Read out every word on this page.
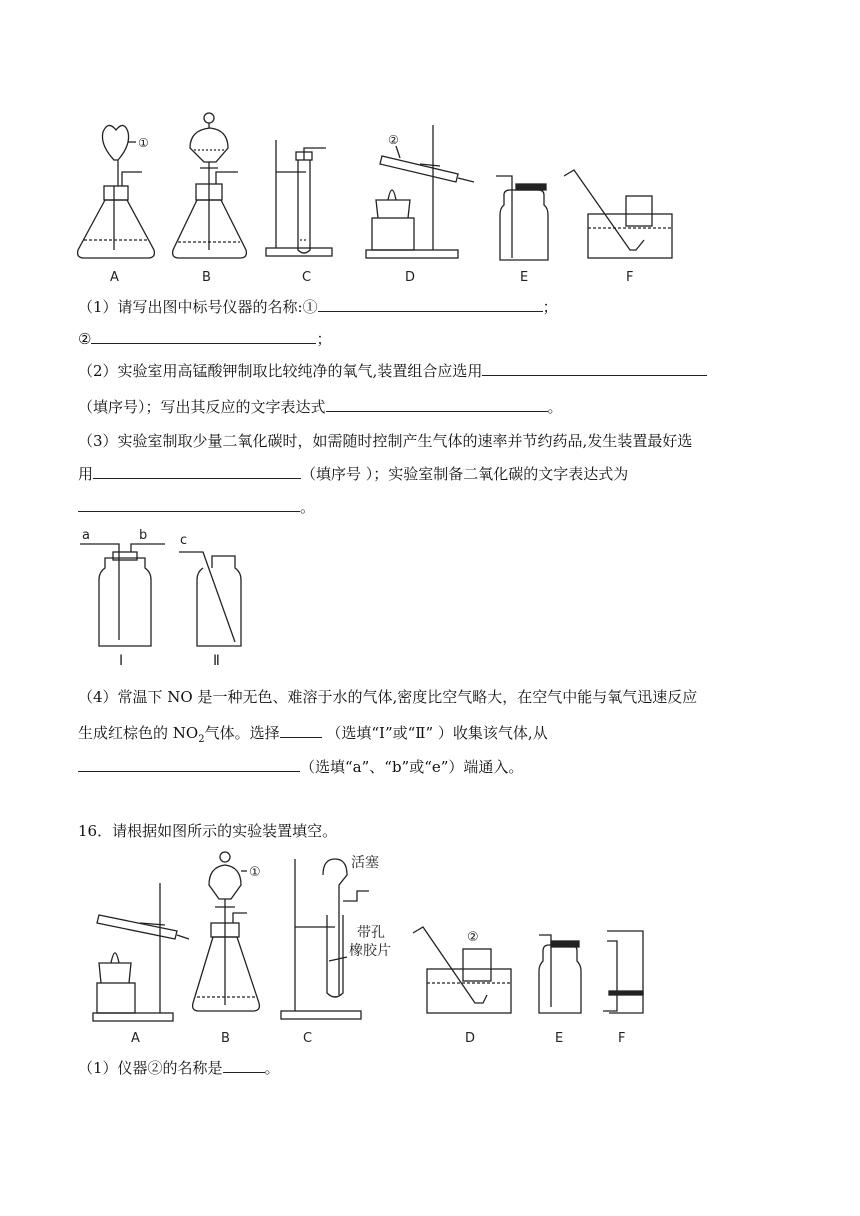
①	②
A	B	C	D	E	F
（1）请写出图中标号仪器的名称:①	；
②	；
（2）实验室用高锰酸钾制取比较纯净的氧气,装置组合应选用
（填序号）；写出其反应的文字表达式	。
（3）实验室制取少量二氧化碳时，如需随时控制产生气体的速率并节约药品,发生装置最好选
用	（填序号 ）；实验室制备二氧化碳的文字表达式为
。
a	b
Ⅰ
c
Ⅱ
（4）常温下 NO 是一种无色、难溶于水的气体,密度比空气略大，在空气中能与氧气迅速反应
生成红棕色的 $NO_2$气体。选择	（选填“Ⅰ”或“Ⅱ” ）收集该气体,从
（选填“a”、“b”或“e”）端通入。
16．请根据如图所示的实验装置填空。
①
活塞
带孔
橡胶片
②
A	B	C	D	E	F
（1）仪器②的名称是	。
